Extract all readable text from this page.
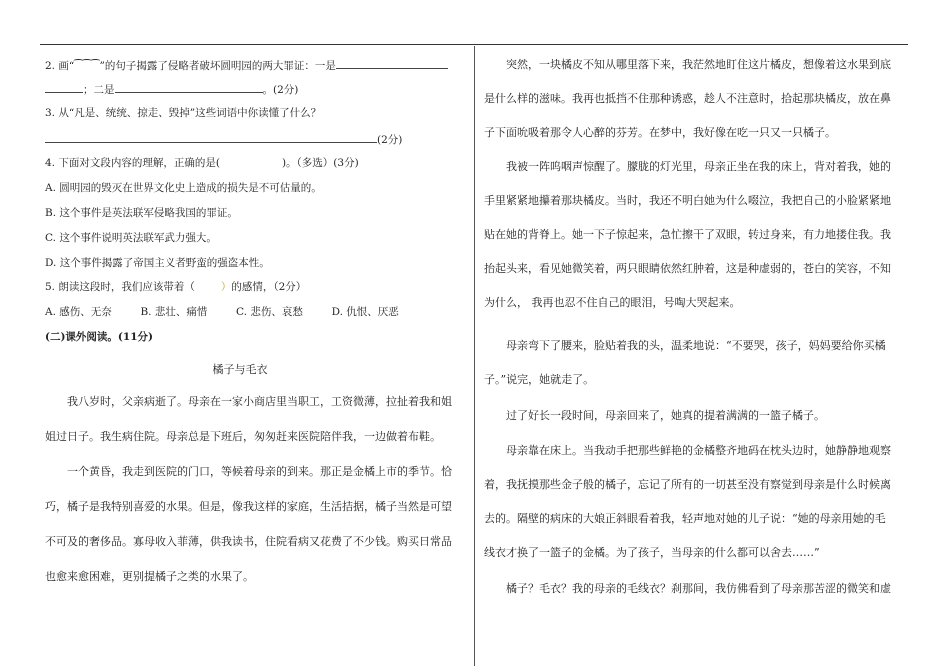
2. 画“⁀⁀⁀”的句子揭露了侵略者破坏圆明园的两大罪证：一是
；二是	。(2分)
3. 从“凡是、统统、掠走、毁掉”这些词语中你读懂了什么？
(2分)
4. 下面对文段内容的理解，正确的是(	)。（多选）(3分)
A. 圆明园的毁灭在世界文化史上造成的损失是不可估量的。
B. 这个事件是英法联军侵略我国的罪证。
C. 这个事件说明英法联军武力强大。
D. 这个事件揭露了帝国主义者野蛮的强盗本性。
5. 朗读这段时，我们应该带着（ ）的感情，（2分）
A. 感伤、无奈	B. 悲壮、痛惜	C. 悲伤、哀愁	D. 仇恨、厌恶
(二)课外阅读。(11分)
橘子与毛衣
我八岁时，父亲病逝了。母亲在一家小商店里当职工，工资微薄，拉扯着我和姐
姐过日子。我生病住院。母亲总是下班后，匆匆赶来医院陪伴我，一边做着布鞋。
一个黄昏，我走到医院的门口，等候着母亲的到来。那正是金橘上市的季节。恰
巧，橘子是我特别喜爱的水果。但是，像我这样的家庭，生活拮据，橘子当然是可望
不可及的奢侈品。寡母收入菲薄，供我读书，住院看病又花费了不少钱。购买日常品
也愈来愈困难，更别提橘子之类的水果了。
突然，一块橘皮不知从哪里落下来，我茫然地盯住这片橘皮，想像着这水果到底
是什么样的滋味。我再也抵挡不住那种诱惑，趁人不注意时，拾起那块橘皮，放在鼻
子下面吮吸着那令人心醉的芬芳。在梦中，我好像在吃一只又一只橘子。
我被一阵呜咽声惊醒了。朦胧的灯光里，母亲正坐在我的床上，背对着我，她的
手里紧紧地攥着那块橘皮。当时，我还不明白她为什么啜泣，我把自己的小脸紧紧地
贴在她的背脊上。她一下子惊起来，急忙擦干了双眼，转过身来，有力地搂住我。我
抬起头来，看见她微笑着，两只眼睛依然红肿着，这是种虚弱的，苍白的笑容，不知
为什么， 我再也忍不住自己的眼泪，号啕大哭起来。
母亲弯下了腰来，脸贴着我的头，温柔地说：“不要哭，孩子，妈妈要给你买橘
子。”说完，她就走了。
过了好长一段时间，母亲回来了，她真的提着满满的一篮子橘子。
母亲靠在床上。当我动手把那些鲜艳的金橘整齐地码在枕头边时，她静静地观察
着，我抚摸那些金子般的橘子，忘记了所有的一切甚至没有察觉到母亲是什么时候离
去的。隔壁的病床的大娘正斜眼看着我，轻声地对她的儿子说：“她的母亲用她的毛
线衣才换了一篮子的金橘。为了孩子，当母亲的什么都可以舍去……”
橘子？毛衣？我的母亲的毛线衣？刹那间，我仿佛看到了母亲那苦涩的微笑和虚
